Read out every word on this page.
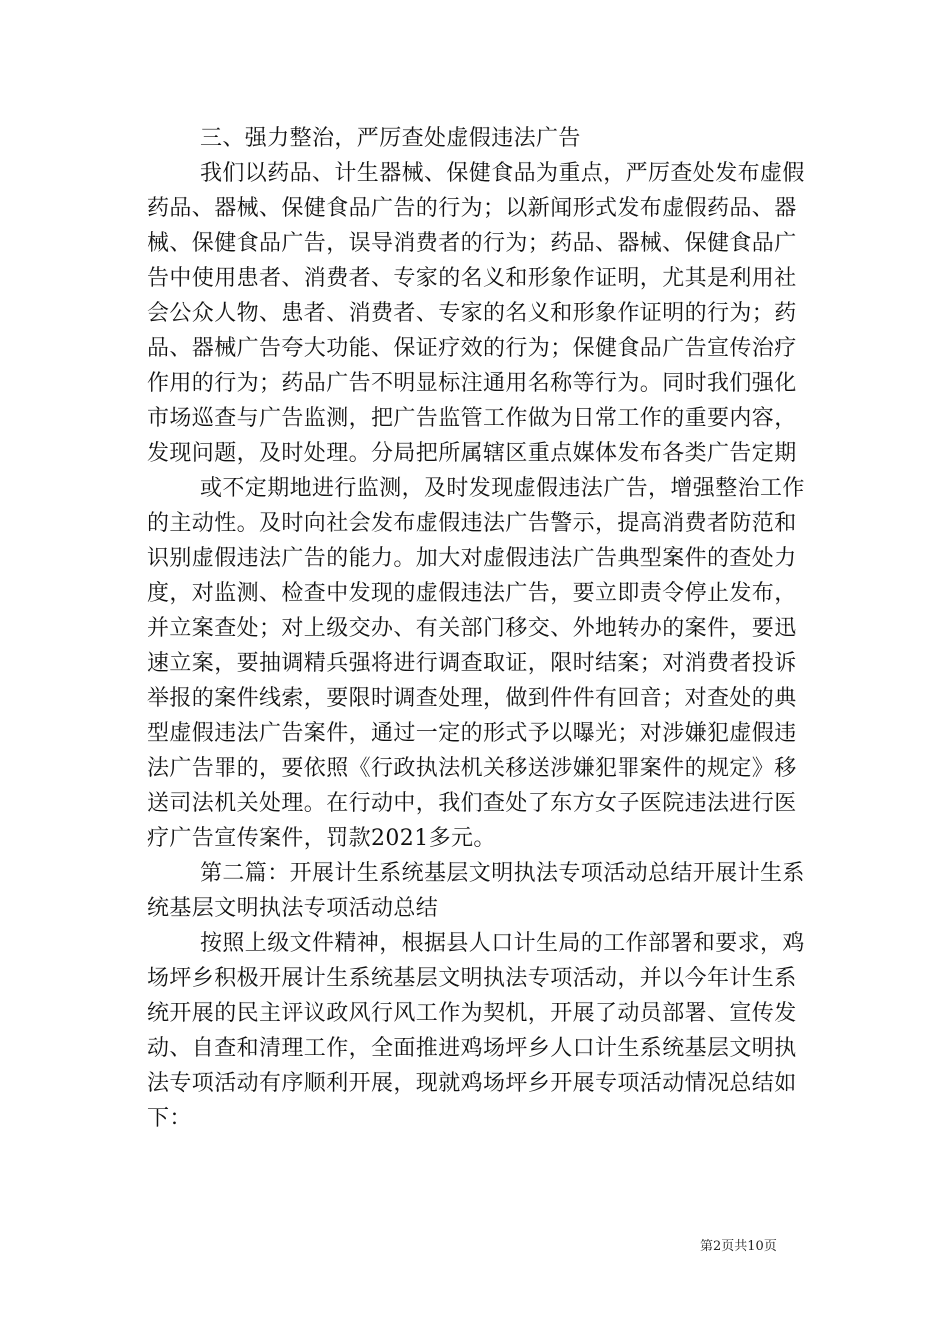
三、强力整治，严厉查处虚假违法广告
我们以药品、计生器械、保健食品为重点，严厉查处发布虚假
药品、器械、保健食品广告的行为；以新闻形式发布虚假药品、器
械、保健食品广告，误导消费者的行为；药品、器械、保健食品广
告中使用患者、消费者、专家的名义和形象作证明，尤其是利用社
会公众人物、患者、消费者、专家的名义和形象作证明的行为；药
品、器械广告夸大功能、保证疗效的行为；保健食品广告宣传治疗
作用的行为；药品广告不明显标注通用名称等行为。同时我们强化
市场巡查与广告监测，把广告监管工作做为日常工作的重要内容，
发现问题，及时处理。分局把所属辖区重点媒体发布各类广告定期
或不定期地进行监测，及时发现虚假违法广告，增强整治工作
的主动性。及时向社会发布虚假违法广告警示，提高消费者防范和
识别虚假违法广告的能力。加大对虚假违法广告典型案件的查处力
度，对监测、检查中发现的虚假违法广告，要立即责令停止发布，
并立案查处；对上级交办、有关部门移交、外地转办的案件，要迅
速立案，要抽调精兵强将进行调查取证，限时结案；对消费者投诉
举报的案件线索，要限时调查处理，做到件件有回音；对查处的典
型虚假违法广告案件，通过一定的形式予以曝光；对涉嫌犯虚假违
法广告罪的，要依照《行政执法机关移送涉嫌犯罪案件的规定》移
送司法机关处理。在行动中，我们查处了东方女子医院违法进行医
疗广告宣传案件，罚款2021多元。
第二篇：开展计生系统基层文明执法专项活动总结开展计生系
统基层文明执法专项活动总结
按照上级文件精神，根据县人口计生局的工作部署和要求，鸡
场坪乡积极开展计生系统基层文明执法专项活动，并以今年计生系
统开展的民主评议政风行风工作为契机，开展了动员部署、宣传发
动、自查和清理工作，全面推进鸡场坪乡人口计生系统基层文明执
法专项活动有序顺利开展，现就鸡场坪乡开展专项活动情况总结如
下：
第2页共10页
